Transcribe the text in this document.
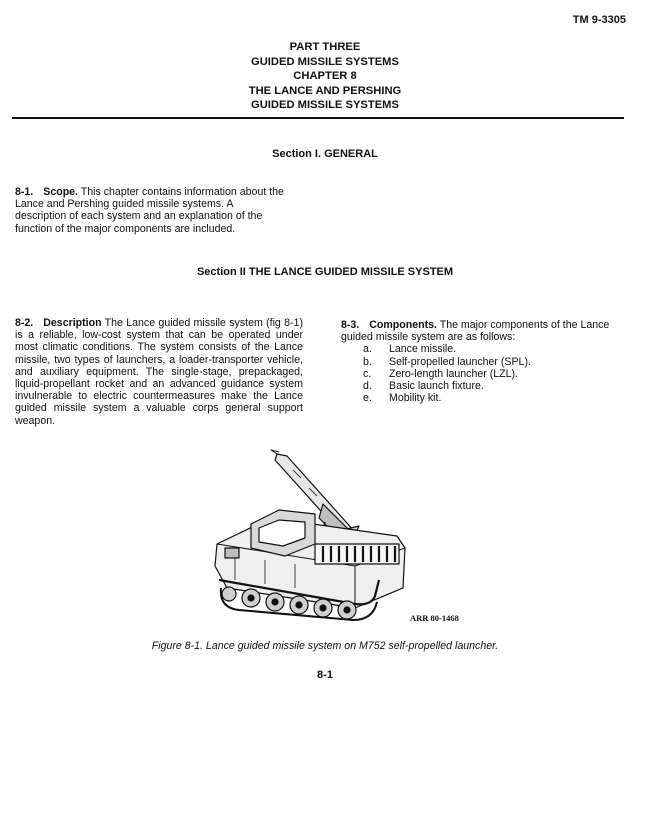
TM 9-3305
PART THREE
GUIDED MISSILE SYSTEMS
CHAPTER 8
THE LANCE AND PERSHING
GUIDED MISSILE SYSTEMS
Section I. GENERAL
8-1. Scope. This chapter contains information about the Lance and Pershing guided missile systems. A description of each system and an explanation of the function of the major components are included.
Section II THE LANCE GUIDED MISSILE SYSTEM
8-2. Description The Lance guided missile system (fig 8-1) is a reliable, low-cost system that can be operated under most climatic conditions. The system consists of the Lance missile, two types of launchers, a loader-transporter vehicle, and auxiliary equipment. The single-stage, prepackaged, liquid-propellant rocket and an advanced guidance system invulnerable to electric countermeasures make the Lance guided missile system a valuable corps general support weapon.
8-3. Components. The major components of the Lance guided missile system are as follows:
a.	Lance missile.
b.	Self-propelled launcher (SPL).
c.	Zero-length launcher (LZL).
d.	Basic launch fixture.
e.	Mobility kit.
ARR 80-1468
Figure 8-1. Lance guided missile system on M752 self-propelled launcher.
8-1
